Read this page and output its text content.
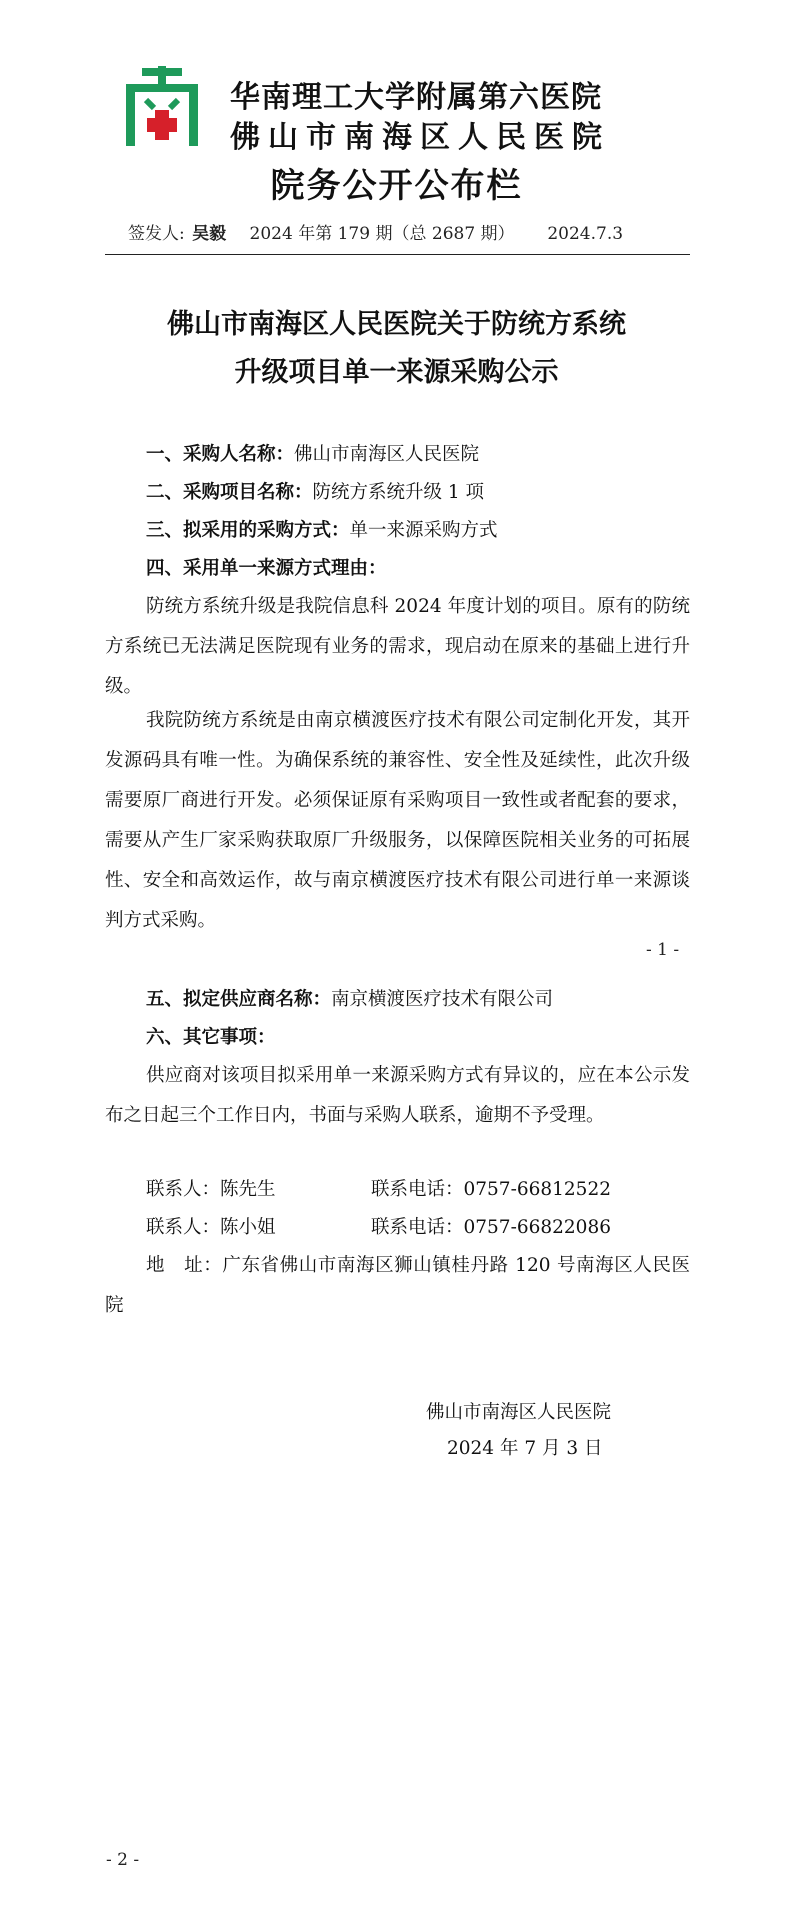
华南理工大学附属第六医院
佛山市南海区人民医院
院务公开公布栏
签发人: 吴毅 2024 年第 179 期（总 2687 期） 2024.7.3
佛山市南海区人民医院关于防统方系统
升级项目单一来源采购公示
一、采购人名称：佛山市南海区人民医院
二、采购项目名称：防统方系统升级 1 项
三、拟采用的采购方式：单一来源采购方式
四、采用单一来源方式理由：
防统方系统升级是我院信息科 2024 年度计划的项目。原有的防统方系统已无法满足医院现有业务的需求，现启动在原来的基础上进行升级。
我院防统方系统是由南京横渡医疗技术有限公司定制化开发，其开发源码具有唯一性。为确保系统的兼容性、安全性及延续性，此次升级需要原厂商进行开发。必须保证原有采购项目一致性或者配套的要求，需要从产生厂家采购获取原厂升级服务，以保障医院相关业务的可拓展性、安全和高效运作，故与南京横渡医疗技术有限公司进行单一来源谈判方式采购。
- 1 -
五、拟定供应商名称：南京横渡医疗技术有限公司
六、其它事项：
供应商对该项目拟采用单一来源采购方式有异议的，应在本公示发布之日起三个工作日内，书面与采购人联系，逾期不予受理。
联系人：陈先生	联系电话：0757-66812522
联系人：陈小姐	联系电话：0757-66822086
地　址：广东省佛山市南海区狮山镇桂丹路 120 号南海区人民医院
佛山市南海区人民医院
2024 年 7 月 3 日
- 2 -
